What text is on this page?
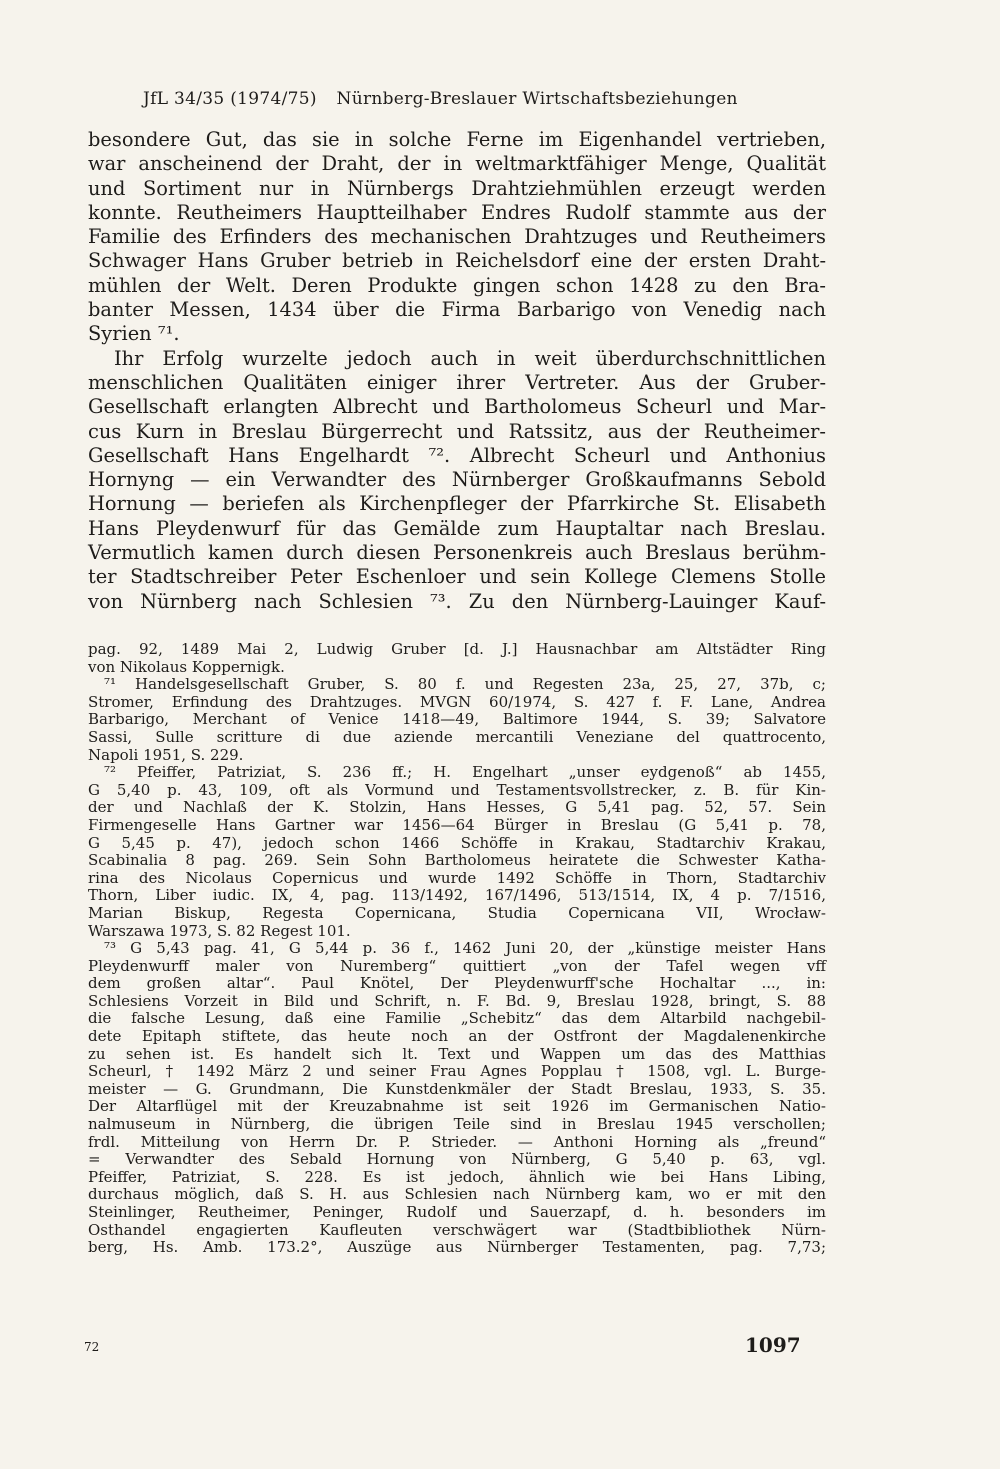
JfL 34/35 (1974/75) Nürnberg-Breslauer Wirtschaftsbeziehungen
besondere Gut, das sie in solche Ferne im Eigenhandel vertrieben,
war anscheinend der Draht, der in weltmarktfähiger Menge, Qualität
und Sortiment nur in Nürnbergs Drahtziehmühlen erzeugt werden
konnte. Reutheimers Hauptteilhaber Endres Rudolf stammte aus der
Familie des Erfinders des mechanischen Drahtzuges und Reutheimers
Schwager Hans Gruber betrieb in Reichelsdorf eine der ersten Draht-
mühlen der Welt. Deren Produkte gingen schon 1428 zu den Bra-
banter Messen, 1434 über die Firma Barbarigo von Venedig nach
Syrien ⁷¹.
Ihr Erfolg wurzelte jedoch auch in weit überdurchschnittlichen
menschlichen Qualitäten einiger ihrer Vertreter. Aus der Gruber-
Gesellschaft erlangten Albrecht und Bartholomeus Scheurl und Mar-
cus Kurn in Breslau Bürgerrecht und Ratssitz, aus der Reutheimer-
Gesellschaft Hans Engelhardt ⁷². Albrecht Scheurl und Anthonius
Hornyng — ein Verwandter des Nürnberger Großkaufmanns Sebold
Hornung — beriefen als Kirchenpfleger der Pfarrkirche St. Elisabeth
Hans Pleydenwurf für das Gemälde zum Hauptaltar nach Breslau.
Vermutlich kamen durch diesen Personenkreis auch Breslaus berühm-
ter Stadtschreiber Peter Eschenloer und sein Kollege Clemens Stolle
von Nürnberg nach Schlesien ⁷³. Zu den Nürnberg-Lauinger Kauf-
pag. 92, 1489 Mai 2, Ludwig Gruber [d. J.] Hausnachbar am Altstädter Ring
von Nikolaus Koppernigk.
⁷¹ Handelsgesellschaft Gruber, S. 80 f. und Regesten 23a, 25, 27, 37b, c;
Stromer, Erfindung des Drahtzuges. MVGN 60/1974, S. 427 f. F. Lane, Andrea
Barbarigo, Merchant of Venice 1418—49, Baltimore 1944, S. 39; Salvatore
Sassi, Sulle scritture di due aziende mercantili Veneziane del quattrocento,
Napoli 1951, S. 229.
⁷² Pfeiffer, Patriziat, S. 236 ff.; H. Engelhart „unser eydgenoß“ ab 1455,
G 5,40 p. 43, 109, oft als Vormund und Testamentsvollstrecker, z. B. für Kin-
der und Nachlaß der K. Stolzin, Hans Hesses, G 5,41 pag. 52, 57. Sein
Firmengeselle Hans Gartner war 1456—64 Bürger in Breslau (G 5,41 p. 78,
G 5,45 p. 47), jedoch schon 1466 Schöffe in Krakau, Stadtarchiv Krakau,
Scabinalia 8 pag. 269. Sein Sohn Bartholomeus heiratete die Schwester Katha-
rina des Nicolaus Copernicus und wurde 1492 Schöffe in Thorn, Stadtarchiv
Thorn, Liber iudic. IX, 4, pag. 113/1492, 167/1496, 513/1514, IX, 4 p. 7/1516,
Marian Biskup, Regesta Copernicana, Studia Copernicana VII, Wrocław-
Warszawa 1973, S. 82 Regest 101.
⁷³ G 5,43 pag. 41, G 5,44 p. 36 f., 1462 Juni 20, der „künstige meister Hans
Pleydenwurff maler von Nuremberg“ quittiert „von der Tafel wegen vff
dem großen altar“. Paul Knötel, Der Pleydenwurff'sche Hochaltar ..., in:
Schlesiens Vorzeit in Bild und Schrift, n. F. Bd. 9, Breslau 1928, bringt, S. 88
die falsche Lesung, daß eine Familie „Schebitz“ das dem Altarbild nachgebil-
dete Epitaph stiftete, das heute noch an der Ostfront der Magdalenenkirche
zu sehen ist. Es handelt sich lt. Text und Wappen um das des Matthias
Scheurl, † 1492 März 2 und seiner Frau Agnes Popplau † 1508, vgl. L. Burge-
meister — G. Grundmann, Die Kunstdenkmäler der Stadt Breslau, 1933, S. 35.
Der Altarflügel mit der Kreuzabnahme ist seit 1926 im Germanischen Natio-
nalmuseum in Nürnberg, die übrigen Teile sind in Breslau 1945 verschollen;
frdl. Mitteilung von Herrn Dr. P. Strieder. — Anthoni Horning als „freund“
= Verwandter des Sebald Hornung von Nürnberg, G 5,40 p. 63, vgl.
Pfeiffer, Patriziat, S. 228. Es ist jedoch, ähnlich wie bei Hans Libing,
durchaus möglich, daß S. H. aus Schlesien nach Nürnberg kam, wo er mit den
Steinlinger, Reutheimer, Peninger, Rudolf und Sauerzapf, d. h. besonders im
Osthandel engagierten Kaufleuten verschwägert war (Stadtbibliothek Nürn-
berg, Hs. Amb. 173.2°, Auszüge aus Nürnberger Testamenten, pag. 7,73;
72	1097
